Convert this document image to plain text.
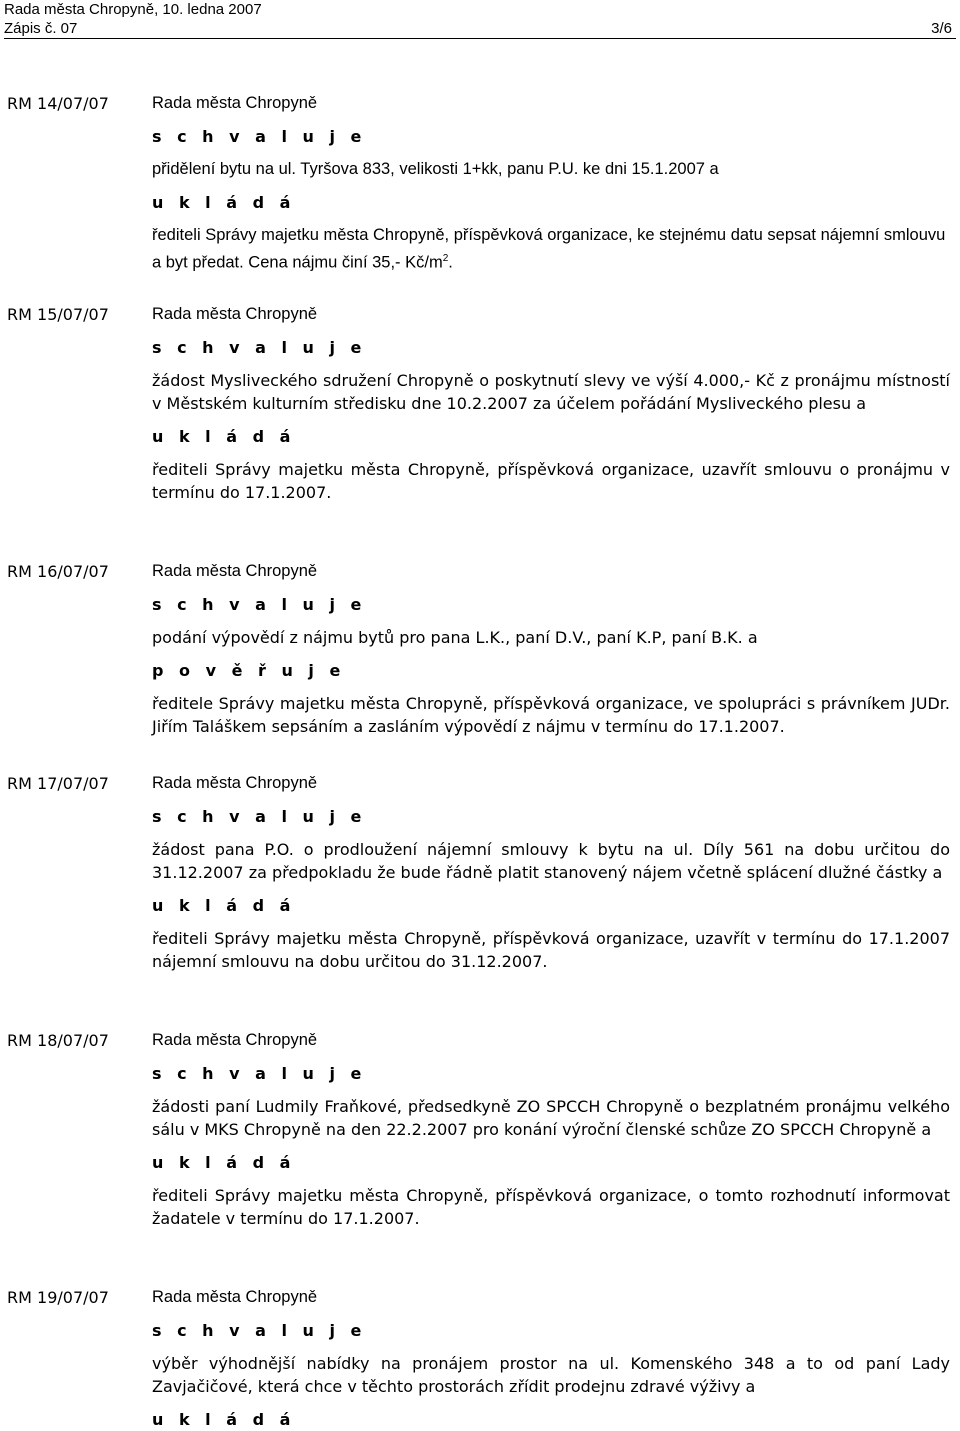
Rada města Chropyně, 10. ledna 2007
Zápis č. 07	3/6
RM 14/07/07	Rada města Chropyně
s c h v a l u j e
přidělení bytu na ul. Tyršova 833, velikosti 1+kk, panu P.U. ke dni 15.1.2007 a
u k l á d á
řediteli Správy majetku města Chropyně, příspěvková organizace, ke stejnému datu sepsat nájemní smlouvu a byt předat. Cena nájmu činí 35,- $Kč/m^2$.
RM 15/07/07	Rada města Chropyně
s c h v a l u j e
žádost Mysliveckého sdružení Chropyně o poskytnutí slevy ve výší 4.000,- Kč z pronájmu místností v Městském kulturním středisku dne 10.2.2007 za účelem pořádání Mysliveckého plesu a
u k l á d á
řediteli Správy majetku města Chropyně, příspěvková organizace, uzavřít smlouvu o pronájmu v termínu do 17.1.2007.
RM 16/07/07	Rada města Chropyně
s c h v a l u j e
podání výpovědí z nájmu bytů pro pana L.K., paní D.V., paní K.P, paní B.K. a
p o v ě ř u j e
ředitele Správy majetku města Chropyně, příspěvková organizace, ve spolupráci s právníkem JUDr. Jiřím Taláškem sepsáním a zasláním výpovědí z nájmu v termínu do 17.1.2007.
RM 17/07/07	Rada města Chropyně
s c h v a l u j e
žádost pana P.O. o prodloužení nájemní smlouvy k bytu na ul. Díly 561 na dobu určitou do 31.12.2007 za předpokladu že bude řádně platit stanovený nájem včetně splácení dlužné částky a
u k l á d á
řediteli Správy majetku města Chropyně, příspěvková organizace, uzavřít v termínu do 17.1.2007 nájemní smlouvu na dobu určitou do 31.12.2007.
RM 18/07/07	Rada města Chropyně
s c h v a l u j e
žádosti paní Ludmily Fraňkové, předsedkyně ZO SPCCH Chropyně o bezplatném pronájmu velkého sálu v MKS Chropyně na den 22.2.2007 pro konání výroční členské schůze ZO SPCCH Chropyně a
u k l á d á
řediteli Správy majetku města Chropyně, příspěvková organizace, o tomto rozhodnutí informovat žadatele v termínu do 17.1.2007.
RM 19/07/07	Rada města Chropyně
s c h v a l u j e
výběr výhodnější nabídky na pronájem prostor na ul. Komenského 348 a to od paní Lady Zavjačičové, která chce v těchto prostorách zřídit prodejnu zdravé výživy a
u k l á d á
